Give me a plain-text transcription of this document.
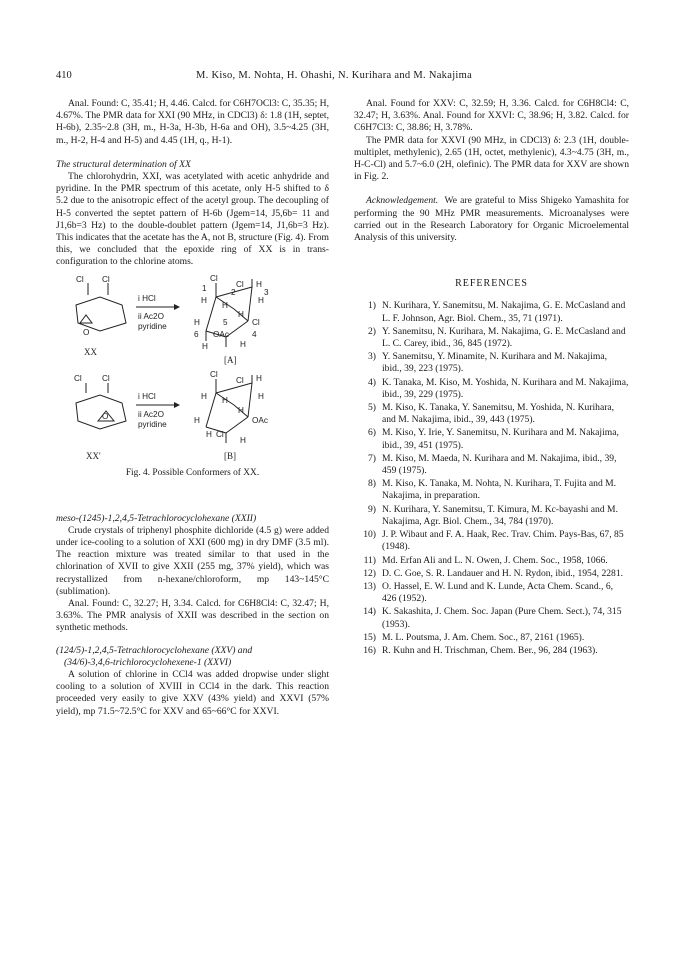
410	M. Kiso, M. Nohta, H. Ohashi, N. Kurihara and M. Nakajima

Anal. Found: C, 35.41; H, 4.46. Calcd. for C6H7OCl3: C, 35.35; H, 4.67%. The PMR data for XXI (90 MHz, in CDCl3) δ: 1.8 (1H, septet, H-6b), 2.35~2.8 (3H, m., H-3a, H-3b, H-6a and OH), 3.5~4.25 (3H, m., H-2, H-4 and H-5) and 4.45 (1H, q., H-1).

The structural determination of XX

The chlorohydrin, XXI, was acetylated with acetic anhydride and pyridine. In the PMR spectrum of this acetate, only H-5 shifted to δ 5.2 due to the anisotropic effect of the acetyl group. The decoupling of H-5 converted the septet pattern of H-6b (Jgem=14, J5,6b= 11 and J1,6b=3 Hz) to the double-doublet pattern (Jgem=14, J1,6b=3 Hz). This indicates that the acetate has the A, not B, structure (Fig. 4). From this, we concluded that the epoxide ring of XX is in trans-configuration to the chlorine atoms.

Cl Cl
O
XX
i HCl
ii Ac2O
pyridine
Cl
Cl H
3
H
H
1	2
H
H
H	5	Cl
6 OAc	4
H	H
[A]
Cl Cl
O
XX'
i HCl
ii Ac2O
pyridine
Cl
Cl H
H	H
H
H
H	OAc
H Cl
H
[B]

Fig. 4. Possible Conformers of XX.

meso-(1245)-1,2,4,5-Tetrachlorocyclohexane (XXII)

Crude crystals of triphenyl phosphite dichloride (4.5 g) were added under ice-cooling to a solution of XXI (600 mg) in dry DMF (3.5 ml). The reaction mixture was treated similar to that used in the chlorination of XVII to give XXII (255 mg, 37% yield), which was recrystallized from n-hexane/chloroform, mp 143~145°C (sublimation).

Anal. Found: C, 32.27; H, 3.34. Calcd. for C6H8Cl4: C, 32.47; H, 3.63%. The PMR analysis of XXII was described in the section on synthetic methods.

(124/5)-1,2,4,5-Tetrachlorocyclohexane (XXV) and

(34/6)-3,4,6-trichlorocyclohexene-1 (XXVI)

A solution of chlorine in CCl4 was added dropwise under slight cooling to a solution of XVIII in CCl4 in the dark. This reaction proceeded very easily to give XXV (43% yield) and XXVI (57% yield), mp 71.5~72.5°C for XXV and 65~66°C for XXVI.

Anal. Found for XXV: C, 32.59; H, 3.36. Calcd. for C6H8Cl4: C, 32.47; H, 3.63%. Anal. Found for XXVI: C, 38.96; H, 3.82. Calcd. for C6H7Cl3: C, 38.86; H, 3.78%.

The PMR data for XXVI (90 MHz, in CDCl3) δ: 2.3 (1H, double-multiplet, methylenic), 2.65 (1H, octet, methylenic), 4.3~4.75 (3H, m., H-C-Cl) and 5.7~6.0 (2H, olefinic). The PMR data for XXV are shown in Fig. 2.

Acknowledgement. We are grateful to Miss Shigeko Yamashita for performing the 90 MHz PMR measurements. Microanalyses were carried out in the Research Laboratory for Organic Microelemental Analysis of this university.

REFERENCES

1) N. Kurihara, Y. Sanemitsu, M. Nakajima, G. E. McCasland and L. F. Johnson, Agr. Biol. Chem., 35, 71 (1971).
2) Y. Sanemitsu, N. Kurihara, M. Nakajima, G. E. McCasland and L. C. Carey, ibid., 36, 845 (1972).
3) Y. Sanemitsu, Y. Minamite, N. Kurihara and M. Nakajima, ibid., 39, 223 (1975).
4) K. Tanaka, M. Kiso, M. Yoshida, N. Kurihara and M. Nakajima, ibid., 39, 229 (1975).
5) M. Kiso, K. Tanaka, Y. Sanemitsu, M. Yoshida, N. Kurihara, and M. Nakajima, ibid., 39, 443 (1975).
6) M. Kiso, Y. Irie, Y. Sanemitsu, N. Kurihara and M. Nakajima, ibid., 39, 451 (1975).
7) M. Kiso, M. Maeda, N. Kurihara and M. Nakajima, ibid., 39, 459 (1975).
8) M. Kiso, K. Tanaka, M. Nohta, N. Kurihara, T. Fujita and M. Nakajima, in preparation.
9) N. Kurihara, Y. Sanemitsu, T. Kimura, M. Kc-bayashi and M. Nakajima, Agr. Biol. Chem., 34, 784 (1970).
10) J. P. Wibaut and F. A. Haak, Rec. Trav. Chim. Pays-Bas, 67, 85 (1948).
11) Md. Erfan Ali and L. N. Owen, J. Chem. Soc., 1958, 1066.
12) D. C. Goe, S. R. Landauer and H. N. Rydon, ibid., 1954, 2281.
13) O. Hassel, E. W. Lund and K. Lunde, Acta Chem. Scand., 6, 426 (1952).
14) K. Sakashita, J. Chem. Soc. Japan (Pure Chem. Sect.), 74, 315 (1953).
15) M. L. Poutsma, J. Am. Chem. Soc., 87, 2161 (1965).
16) R. Kuhn and H. Trischman, Chem. Ber., 96, 284 (1963).
